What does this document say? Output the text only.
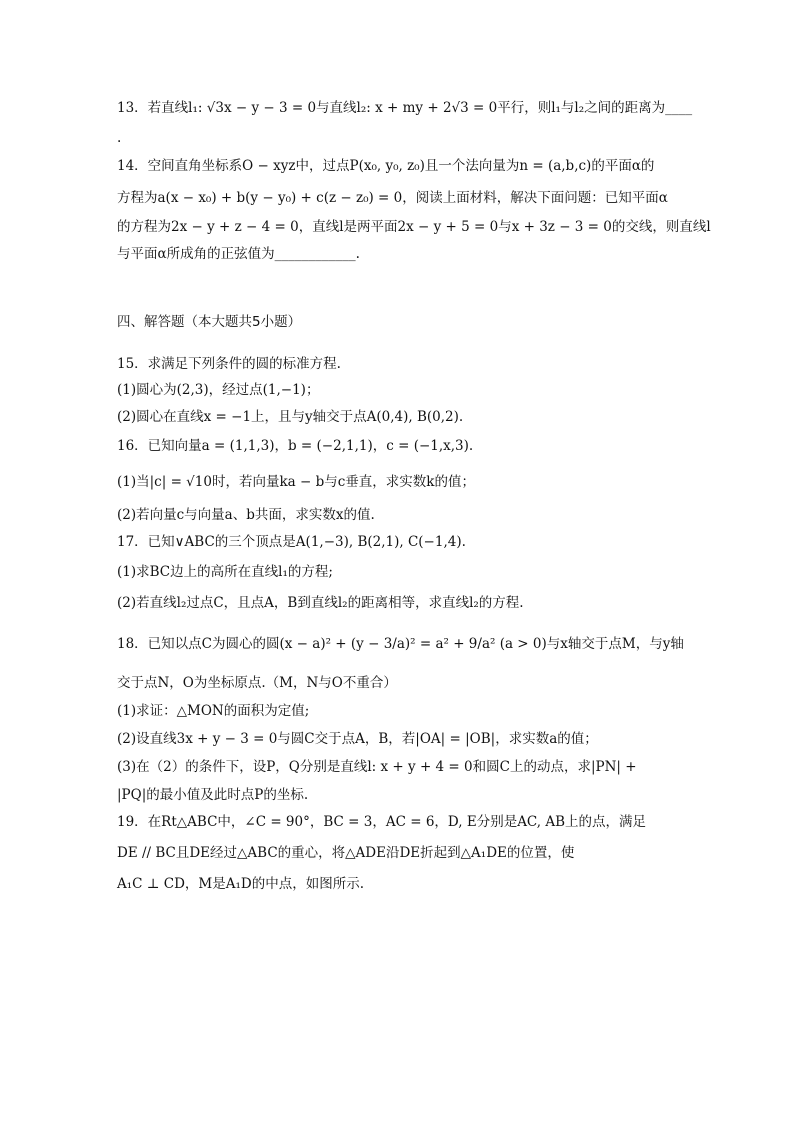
13．若直线l₁: √3x − y − 3 = 0与直线l₂: x + my + 2√3 = 0平行，则l₁与l₂之间的距离为____
.
14．空间直角坐标系O − xyz中，过点P(x₀, y₀, z₀)且一个法向量为n = (a,b,c)的平面α的
方程为a(x − x₀) + b(y − y₀) + c(z − z₀) = 0，阅读上面材料，解决下面问题：已知平面α
的方程为2x − y + z − 4 = 0，直线l是两平面2x − y + 5 = 0与x + 3z − 3 = 0的交线，则直线l
与平面α所成角的正弦值为____________.
四、解答题（本大题共5小题）
15．求满足下列条件的圆的标准方程.
(1)圆心为(2,3)，经过点(1,−1)；
(2)圆心在直线x = −1上，且与y轴交于点A(0,4), B(0,2).
16．已知向量a = (1,1,3)，b = (−2,1,1)，c = (−1,x,3).
(1)当|c| = √10时，若向量ka − b与c垂直，求实数k的值；
(2)若向量c与向量a、b共面，求实数x的值.
17．已知∨ABC的三个顶点是A(1,−3), B(2,1), C(−1,4).
(1)求BC边上的高所在直线l₁的方程;
(2)若直线l₂过点C，且点A，B到直线l₂的距离相等，求直线l₂的方程.
18．已知以点C为圆心的圆(x − a)² + (y − 3/a)² = a² + 9/a² (a > 0)与x轴交于点M，与y轴
交于点N，O为坐标原点.（M，N与O不重合）
(1)求证：△MON的面积为定值;
(2)设直线3x + y − 3 = 0与圆C交于点A，B，若|OA| = |OB|，求实数a的值；
(3)在（2）的条件下，设P，Q分别是直线l: x + y + 4 = 0和圆C上的动点，求|PN| +
|PQ|的最小值及此时点P的坐标.
19．在Rt△ABC中，∠C = 90°，BC = 3，AC = 6，D, E分别是AC, AB上的点，满足
DE // BC且DE经过△ABC的重心，将△ADE沿DE折起到△A₁DE的位置，使
A₁C ⊥ CD，M是A₁D的中点，如图所示.
